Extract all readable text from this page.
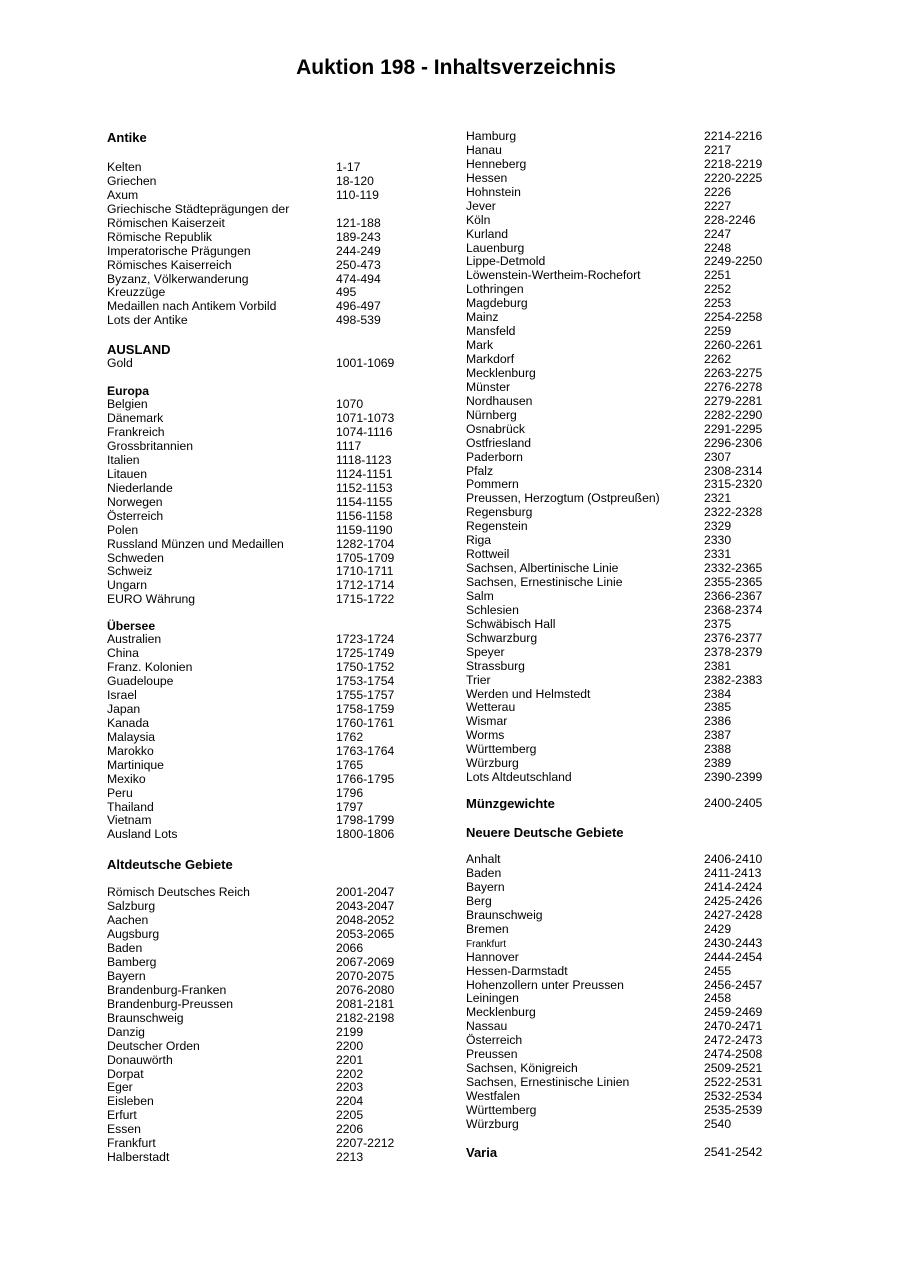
Auktion 198 - Inhaltsverzeichnis
Antike
Kelten	1-17
Griechen	18-120
Axum	110-119
Griechische Städteprägungen der
Römischen Kaiserzeit	121-188
Römische Republik	189-243
Imperatorische Prägungen	244-249
Römisches Kaiserreich	250-473
Byzanz, Völkerwanderung	474-494
Kreuzzüge	495
Medaillen nach Antikem Vorbild	496-497
Lots der Antike	498-539
AUSLAND
Gold	1001-1069
Europa
Belgien	1070
Dänemark	1071-1073
Frankreich	1074-1116
Grossbritannien	1117
Italien	1118-1123
Litauen	1124-1151
Niederlande	1152-1153
Norwegen	1154-1155
Österreich	1156-1158
Polen	1159-1190
Russland Münzen und Medaillen	1282-1704
Schweden	1705-1709
Schweiz	1710-1711
Ungarn	1712-1714
EURO Währung	1715-1722
Übersee
Australien	1723-1724
China	1725-1749
Franz. Kolonien	1750-1752
Guadeloupe	1753-1754
Israel	1755-1757
Japan	1758-1759
Kanada	1760-1761
Malaysia	1762
Marokko	1763-1764
Martinique	1765
Mexiko	1766-1795
Peru	1796
Thailand	1797
Vietnam	1798-1799
Ausland Lots	1800-1806
Altdeutsche Gebiete
Römisch Deutsches Reich	2001-2047
Salzburg	2043-2047
Aachen	2048-2052
Augsburg	2053-2065
Baden	2066
Bamberg	2067-2069
Bayern	2070-2075
Brandenburg-Franken	2076-2080
Brandenburg-Preussen	2081-2181
Braunschweig	2182-2198
Danzig	2199
Deutscher Orden	2200
Donauwörth	2201
Dorpat	2202
Eger	2203
Eisleben	2204
Erfurt	2205
Essen	2206
Frankfurt	2207-2212
Halberstadt	2213
Hamburg	2214-2216
Hanau	2217
Henneberg	2218-2219
Hessen	2220-2225
Hohnstein	2226
Jever	2227
Köln	228-2246
Kurland	2247
Lauenburg	2248
Lippe-Detmold	2249-2250
Löwenstein-Wertheim-Rochefort	2251
Lothringen	2252
Magdeburg	2253
Mainz	2254-2258
Mansfeld	2259
Mark	2260-2261
Markdorf	2262
Mecklenburg	2263-2275
Münster	2276-2278
Nordhausen	2279-2281
Nürnberg	2282-2290
Osnabrück	2291-2295
Ostfriesland	2296-2306
Paderborn	2307
Pfalz	2308-2314
Pommern	2315-2320
Preussen, Herzogtum (Ostpreußen)	2321
Regensburg	2322-2328
Regenstein	2329
Riga	2330
Rottweil	2331
Sachsen, Albertinische Linie	2332-2365
Sachsen, Ernestinische Linie	2355-2365
Salm	2366-2367
Schlesien	2368-2374
Schwäbisch Hall	2375
Schwarzburg	2376-2377
Speyer	2378-2379
Strassburg	2381
Trier	2382-2383
Werden und Helmstedt	2384
Wetterau	2385
Wismar	2386
Worms	2387
Württemberg	2388
Würzburg	2389
Lots Altdeutschland	2390-2399
Münzgewichte	2400-2405
Neuere Deutsche Gebiete
Anhalt	2406-2410
Baden	2411-2413
Bayern	2414-2424
Berg	2425-2426
Braunschweig	2427-2428
Bremen	2429
Frankfurt	2430-2443
Hannover	2444-2454
Hessen-Darmstadt	2455
Hohenzollern unter Preussen	2456-2457
Leiningen	2458
Mecklenburg	2459-2469
Nassau	2470-2471
Österreich	2472-2473
Preussen	2474-2508
Sachsen, Königreich	2509-2521
Sachsen, Ernestinische Linien	2522-2531
Westfalen	2532-2534
Württemberg	2535-2539
Würzburg	2540
Varia	2541-2542
